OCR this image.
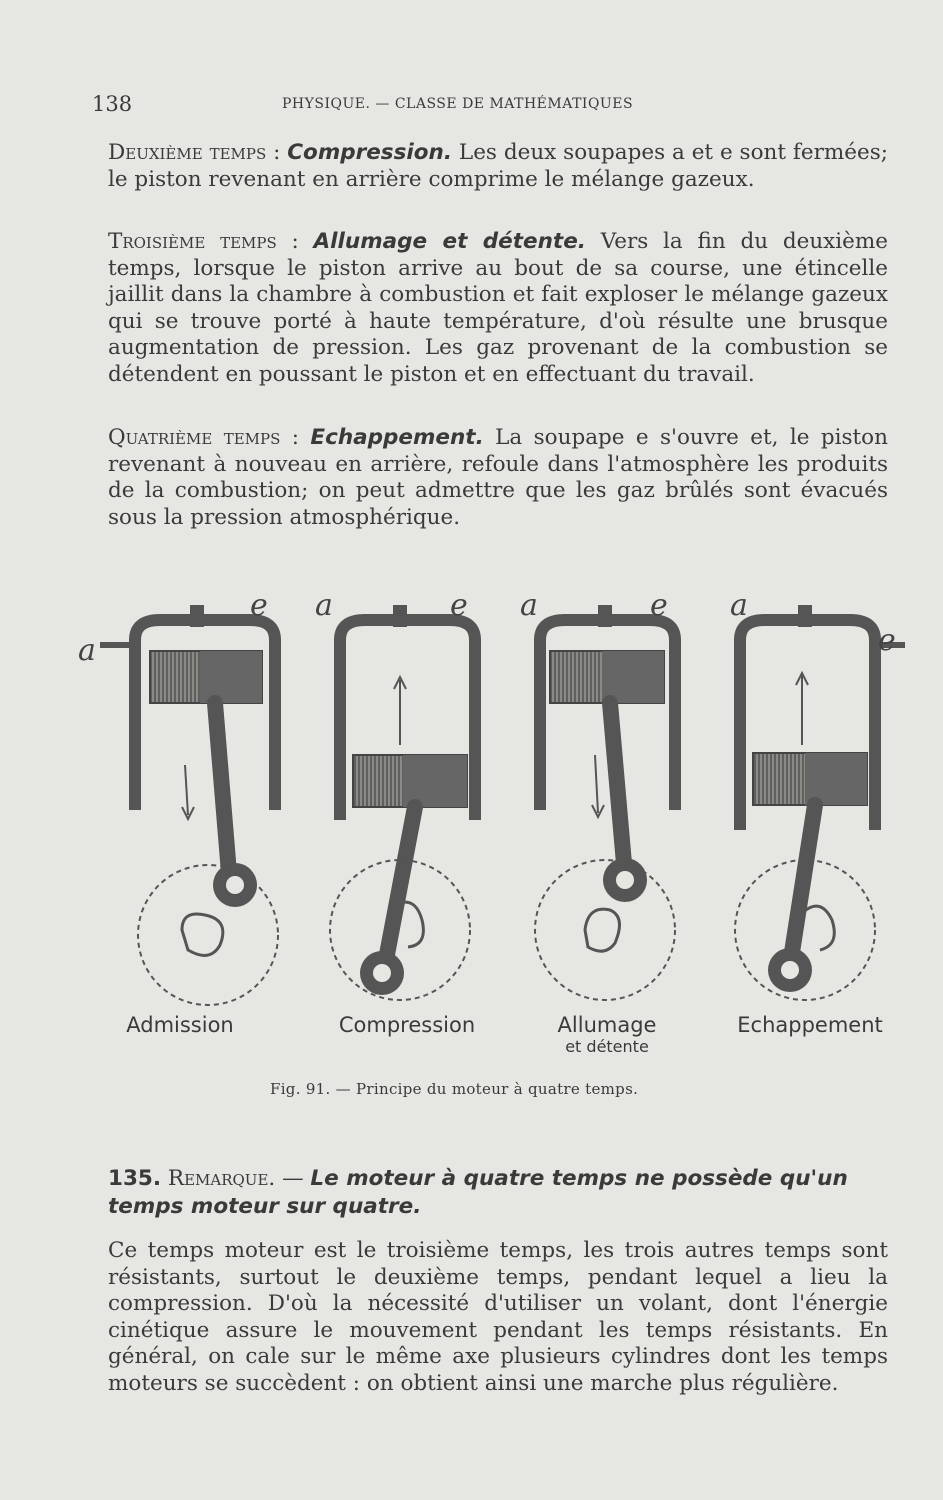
138	PHYSIQUE. — CLASSE DE MATHÉMATIQUES

Deuxième temps : Compression. Les deux soupapes a et e sont fermées; le piston revenant en arrière comprime le mélange gazeux.

Troisième temps : Allumage et détente. Vers la fin du deuxième temps, lorsque le piston arrive au bout de sa course, une étincelle jaillit dans la chambre à combustion et fait exploser le mélange gazeux qui se trouve porté à haute température, d'où résulte une brusque augmentation de pression. Les gaz provenant de la combustion se détendent en poussant le piston et en effectuant du travail.

Quatrième temps : Echappement. La soupape e s'ouvre et, le piston revenant à nouveau en arrière, refoule dans l'atmosphère les produits de la combustion; on peut admettre que les gaz brûlés sont évacués sous la pression atmosphérique.

a
e a	e a	e a
e
Admission	Compression	Allumage
et détente
Echappement
Fig. 91. — Principe du moteur à quatre temps.

135. Remarque. — Le moteur à quatre temps ne possède qu'un temps moteur sur quatre.

Ce temps moteur est le troisième temps, les trois autres temps sont résistants, surtout le deuxième temps, pendant lequel a lieu la compression. D'où la nécessité d'utiliser un volant, dont l'énergie cinétique assure le mouvement pendant les temps résistants. En général, on cale sur le même axe plusieurs cylindres dont les temps moteurs se succèdent : on obtient ainsi une marche plus régulière.
